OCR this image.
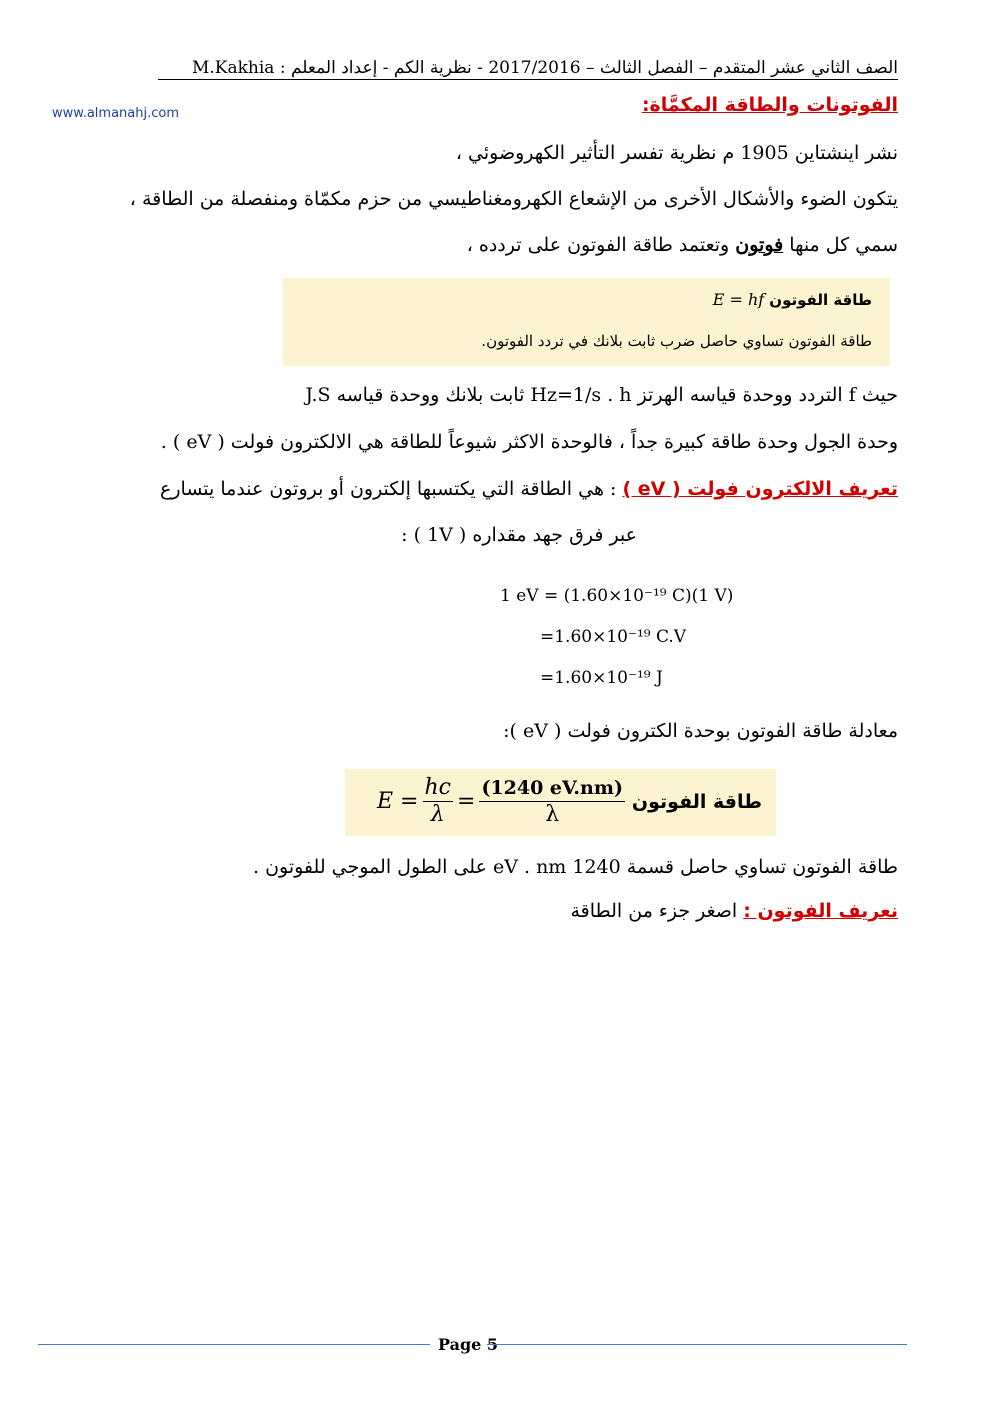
الصف الثاني عشر المتقدم – الفصل الثالث – 2017/2016 - نظرية الكم - إعداد المعلم : M.Kakhia
www.almanahj.com	الفوتونات والطاقة المكمَّاة:
نشر اينشتاين 1905 م نظرية تفسر التأثير الكهروضوئي ،
يتكون الضوء والأشكال الأخرى من الإشعاع الكهرومغناطيسي من حزم مكمّاة ومنفصلة من الطاقة ،
سمي كل منها فوتون وتعتمد طاقة الفوتون على تردده ،
طاقة الفوتون E = hf
طاقة الفوتون تساوي حاصل ضرب ثابت بلانك في تردد الفوتون.
حيث f التردد ووحدة قياسه الهرتز Hz=1/s . h ثابت بلانك ووحدة قياسه J.S
وحدة الجول وحدة طاقة كبيرة جداً ، فالوحدة الاكثر شيوعاً للطاقة هي الالكترون فولت ( eV ) .
تعريف الالكترون فولت ( eV ) : هي الطاقة التي يكتسبها إلكترون أو بروتون عندما يتسارع
عبر فرق جهد مقداره ( 1V ) :
1 eV = (1.60×10⁻¹⁹ C)(1 V)
=1.60×10⁻¹⁹ C.V
=1.60×10⁻¹⁹ J
معادلة طاقة الفوتون بوحدة الكترون فولت ( eV ):
$E = \frac{hc}{\lambda} = \frac{(1240 eV.nm)}{\lambda}$ طاقة الفوتون
طاقة الفوتون تساوي حاصل قسمة 1240 eV . nm على الطول الموجي للفوتون .
نعريف الفوتون : اصغر جزء من الطاقة
Page 5
